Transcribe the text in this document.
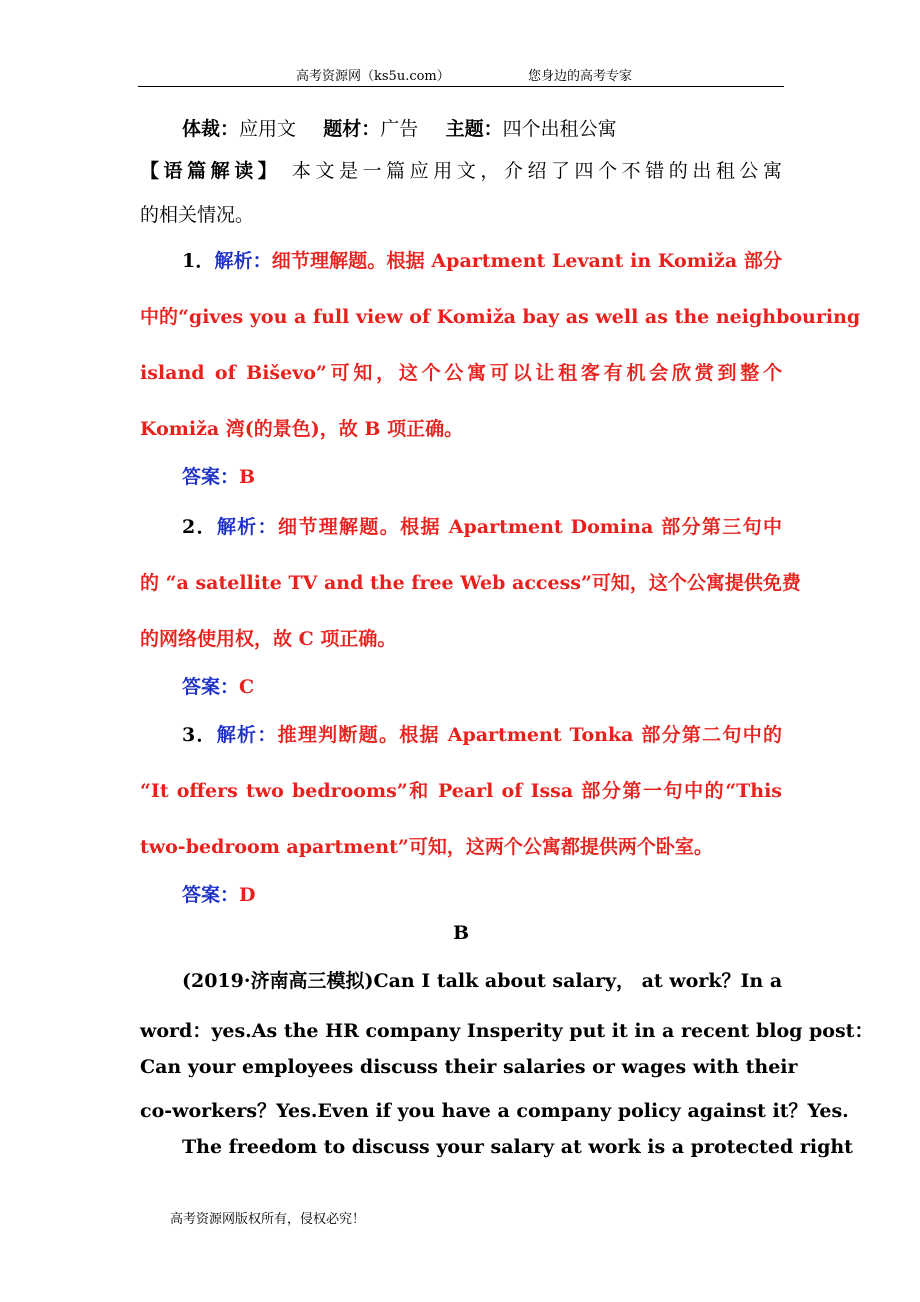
高考资源网（ks5u.com）	您身边的高考专家
体裁：应用文 题材：广告 主题：四个出租公寓
【语篇解读】 本文是一篇应用文，介绍了四个不错的出租公寓
的相关情况。
1．解析：细节理解题。根据 Apartment Levant in Komiža 部分
中的“gives you a full view of Komiža bay as well as the neighbouring
island of Biševo”可知，这个公寓可以让租客有机会欣赏到整个
Komiža 湾(的景色)，故 B 项正确。
答案：B
2．解析：细节理解题。根据 Apartment Domina 部分第三句中
的 “a satellite TV and the free Web access”可知，这个公寓提供免费
的网络使用权，故 C 项正确。
答案：C
3．解析：推理判断题。根据 Apartment Tonka 部分第二句中的
“It offers two bedrooms”和 Pearl of Issa 部分第一句中的“This
two-bedroom apartment”可知，这两个公寓都提供两个卧室。
答案：D
B
(2019·济南高三模拟)Can I talk about salary， at work？In a
word：yes.As the HR company Insperity put it in a recent blog post：
Can your employees discuss their salaries or wages with their
co-workers？Yes.Even if you have a company policy against it？Yes.
The freedom to discuss your salary at work is a protected right
高考资源网版权所有，侵权必究！
